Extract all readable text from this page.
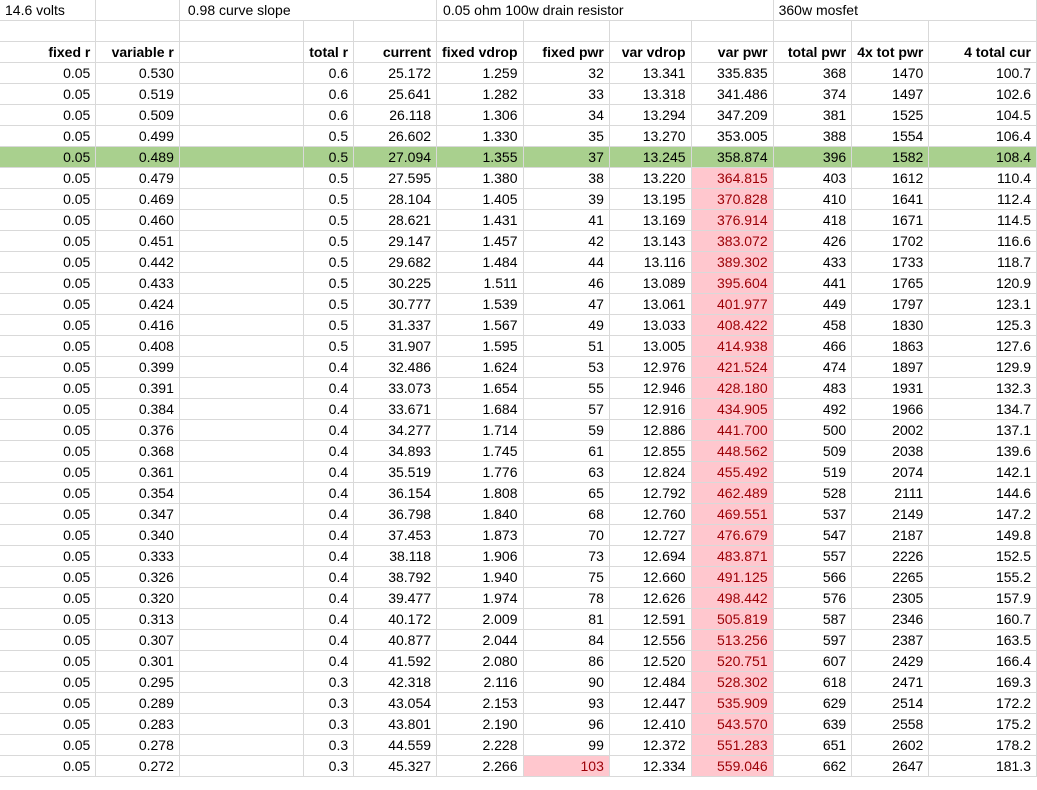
14.6 volts		0.98 curve slope			0.05 ohm 100w drain resistor				360w mosfet		

fixed r	variable r		total r	current	fixed vdrop	fixed pwr	var vdrop	var pwr	total pwr	4x tot pwr	4 total cur
0.05	0.530		0.6	25.172	1.259	32	13.341	335.835	368	1470	100.7
0.05	0.519		0.6	25.641	1.282	33	13.318	341.486	374	1497	102.6
0.05	0.509		0.6	26.118	1.306	34	13.294	347.209	381	1525	104.5
0.05	0.499		0.5	26.602	1.330	35	13.270	353.005	388	1554	106.4
0.05	0.489		0.5	27.094	1.355	37	13.245	358.874	396	1582	108.4
0.05	0.479		0.5	27.595	1.380	38	13.220	364.815	403	1612	110.4
0.05	0.469		0.5	28.104	1.405	39	13.195	370.828	410	1641	112.4
0.05	0.460		0.5	28.621	1.431	41	13.169	376.914	418	1671	114.5
0.05	0.451		0.5	29.147	1.457	42	13.143	383.072	426	1702	116.6
0.05	0.442		0.5	29.682	1.484	44	13.116	389.302	433	1733	118.7
0.05	0.433		0.5	30.225	1.511	46	13.089	395.604	441	1765	120.9
0.05	0.424		0.5	30.777	1.539	47	13.061	401.977	449	1797	123.1
0.05	0.416		0.5	31.337	1.567	49	13.033	408.422	458	1830	125.3
0.05	0.408		0.5	31.907	1.595	51	13.005	414.938	466	1863	127.6
0.05	0.399		0.4	32.486	1.624	53	12.976	421.524	474	1897	129.9
0.05	0.391		0.4	33.073	1.654	55	12.946	428.180	483	1931	132.3
0.05	0.384		0.4	33.671	1.684	57	12.916	434.905	492	1966	134.7
0.05	0.376		0.4	34.277	1.714	59	12.886	441.700	500	2002	137.1
0.05	0.368		0.4	34.893	1.745	61	12.855	448.562	509	2038	139.6
0.05	0.361		0.4	35.519	1.776	63	12.824	455.492	519	2074	142.1
0.05	0.354		0.4	36.154	1.808	65	12.792	462.489	528	2111	144.6
0.05	0.347		0.4	36.798	1.840	68	12.760	469.551	537	2149	147.2
0.05	0.340		0.4	37.453	1.873	70	12.727	476.679	547	2187	149.8
0.05	0.333		0.4	38.118	1.906	73	12.694	483.871	557	2226	152.5
0.05	0.326		0.4	38.792	1.940	75	12.660	491.125	566	2265	155.2
0.05	0.320		0.4	39.477	1.974	78	12.626	498.442	576	2305	157.9
0.05	0.313		0.4	40.172	2.009	81	12.591	505.819	587	2346	160.7
0.05	0.307		0.4	40.877	2.044	84	12.556	513.256	597	2387	163.5
0.05	0.301		0.4	41.592	2.080	86	12.520	520.751	607	2429	166.4
0.05	0.295		0.3	42.318	2.116	90	12.484	528.302	618	2471	169.3
0.05	0.289		0.3	43.054	2.153	93	12.447	535.909	629	2514	172.2
0.05	0.283		0.3	43.801	2.190	96	12.410	543.570	639	2558	175.2
0.05	0.278		0.3	44.559	2.228	99	12.372	551.283	651	2602	178.2
0.05	0.272		0.3	45.327	2.266	103	12.334	559.046	662	2647	181.3
